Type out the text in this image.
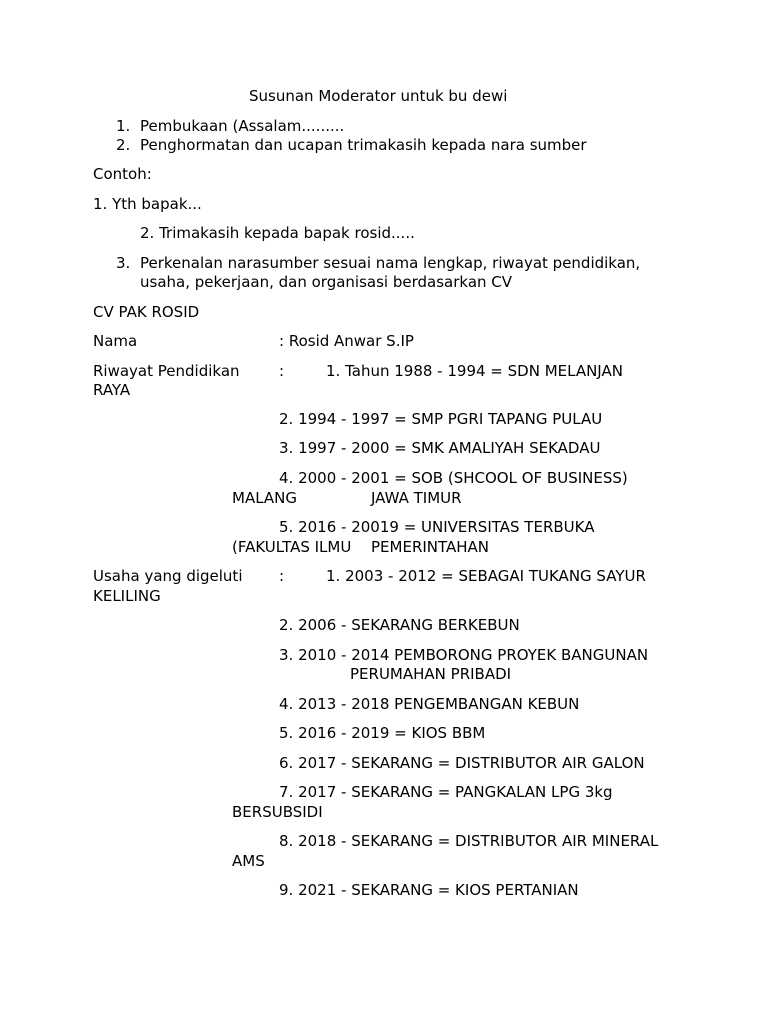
Susunan Moderator untuk bu dewi
1. Pembukaan (Assalam.........
2. Penghormatan dan ucapan trimakasih kepada nara sumber
Contoh:
1. Yth bapak...
2. Trimakasih kepada bapak rosid.....
3. Perkenalan narasumber sesuai nama lengkap, riwayat pendidikan,
usaha, pekerjaan, dan organisasi berdasarkan CV
CV PAK ROSID
Nama	: Rosid Anwar S.IP
Riwayat Pendidikan	:	1. Tahun 1988 - 1994 = SDN MELANJAN
RAYA
2. 1994 - 1997 = SMP PGRI TAPANG PULAU
3. 1997 - 2000 = SMK AMALIYAH SEKADAU
4. 2000 - 2001 = SOB (SHCOOL OF BUSINESS)
MALANG	JAWA TIMUR
5. 2016 - 20019 = UNIVERSITAS TERBUKA
(FAKULTAS ILMU PEMERINTAHAN
Usaha yang digeluti :	1. 2003 - 2012 = SEBAGAI TUKANG SAYUR
KELILING
2. 2006 - SEKARANG BERKEBUN
3. 2010 - 2014 PEMBORONG PROYEK BANGUNAN
PERUMAHAN PRIBADI
4. 2013 - 2018 PENGEMBANGAN KEBUN
5. 2016 - 2019 = KIOS BBM
6. 2017 - SEKARANG = DISTRIBUTOR AIR GALON
7. 2017 - SEKARANG = PANGKALAN LPG 3kg
BERSUBSIDI
8. 2018 - SEKARANG = DISTRIBUTOR AIR MINERAL
AMS
9. 2021 - SEKARANG = KIOS PERTANIAN
